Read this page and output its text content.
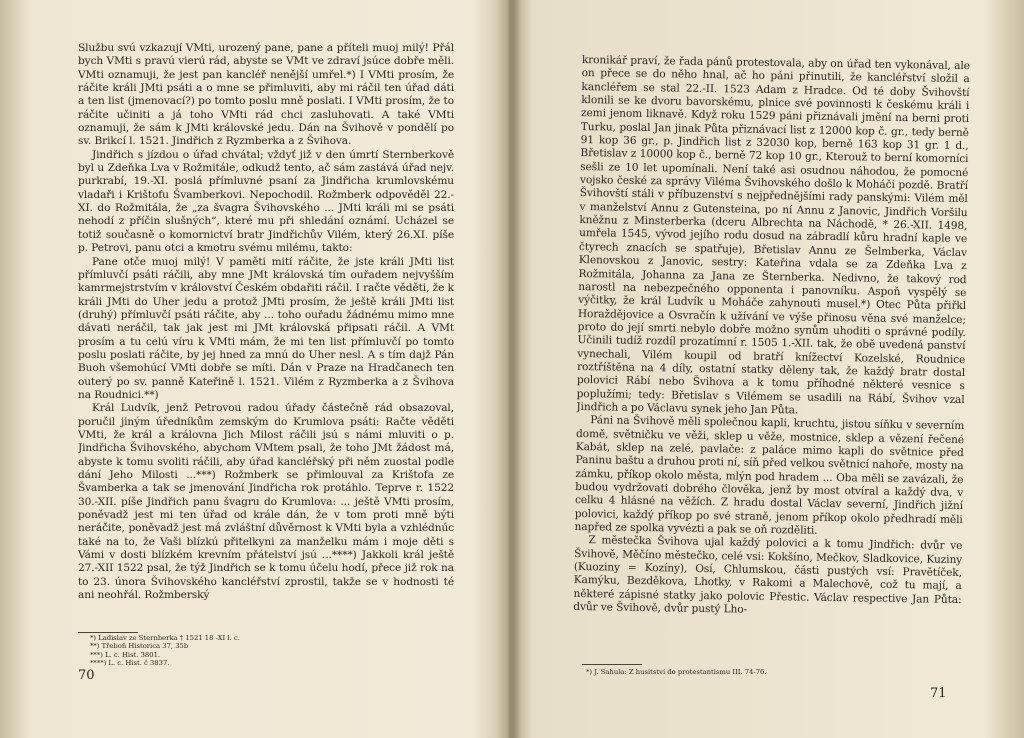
Službu svú vzkazují VMti, urozený pane, pane a příteli muoj milý! Přál bych VMti s pravú vierú rád, abyste se VMt ve zdraví jsúce dobře měli. VMti oznamuji, že jest pan kancléř nenější umřel.*) I VMti prosím, že ráčite králi JMti psáti a o mne se přimluviti, aby mi ráčil ten úřad dáti a ten list (jmenovací?) po tomto poslu mně poslati. I VMti prosím, že to ráčite učiniti a já toho VMti rád chci zasluhovati. A také VMti oznamuji, že sám k JMti královské jedu. Dán na Švihově v pondělí po sv. Brikcí l. 1521. Jindřich z Ryzmberka a z Švihova.

Jindřich s jízdou o úřad chvátal; vždyť již v den úmrtí Sternberkově byl u Zdeňka Lva v Rožmitále, odkudž tento, ač sám zastává úřad nejv. purkrabí, 19.-XI. poslá přímluvné psaní za Jindřicha krumlovskému vladaři i Krištofu Švamberkovi. Nepochodil. Rožmberk odpověděl 22.-XI. do Rožmitála, že „za švagra Švihovského ... JMti králi mi se psáti nehodí z příčin slušných“, které mu při shledání oznámí. Ucházel se totiž současně o komornictví bratr Jindřichův Vilém, který 26.XI. píše p. Petrovi, panu otci a kmotru svému milému, takto:

Pane otče muoj milý! V paměti mití ráčite, že jste králi JMti list přímluvčí psáti ráčili, aby mne JMt královská tím ouřadem nejvyšším kamrmejstrstvím v království Českém obdařiti ráčil. I račte věděti, že k králi JMti do Uher jedu a protož JMti prosím, že ještě králi JMti list (druhý) přímluvčí psáti ráčite, aby ... toho ouřadu žádnému mimo mne dávati neráčil, tak jak jest mi JMt královská připsati ráčil. A VMt prosím a tu celú víru k VMti mám, že mi ten list přímluvčí po tomto poslu poslati ráčite, by jej hned za mnú do Uher nesl. A s tím dajž Pán Buoh všemohúcí VMti dobře se míti. Dán v Praze na Hradčanech ten outerý po sv. panně Kateřině l. 1521. Vilém z Ryzmberka a z Švihova na Roudnici.**)

Král Ludvík, jenž Petrovou radou úřady částečně rád obsazoval, poručil jiným úředníkům zemským do Krumlova psáti: Račte věděti VMti, že král a královna Jich Milost ráčili jsú s námi mluviti o p. Jindřicha Švihovského, abychom VMtem psali, že toho JMt žádost má, abyste k tomu svoliti ráčili, aby úřad kancléřský při něm zuostal podle dání Jeho Milosti ...***) Rožmberk se přimlouval za Krištofa ze Švamberka a tak se jmenování Jindřicha rok protáhlo. Teprve r. 1522 30.-XII. píše Jindřich panu švagru do Krumlova: ... ještě VMti prosím, poněvadž jest mi ten úřad od krále dán, že v tom proti mně býti neráčite, poněvadž jest má zvláštní důvěrnost k VMti byla a vzhlédnúc také na to, že Vaši blízkú přitelkyni za manželku mám i moje děti s Vámi v dosti blízkém krevním přátelství jsú ...****) Jakkoli král ještě 27.-XII 1522 psal, že týž Jindřich se k tomu účelu hodí, přece již rok na to 23. února Švihovského kancléřství zprostil, takže se v hodnosti té ani neohřál. Rožmberský

*) Ladislav ze Sternberka † 1521 18 -XI l. c.
**) Třeboň Historica 37, 35b
***) L. c. Hist. 3801.
****) L. c. Hist. č 3837.
70

kronikář praví, že řada pánů protestovala, aby on úřad ten vykonával, ale on přece se do něho hnal, ač ho páni přinutili, že kancléřství složil a kancléřem se stal 22.-II. 1523 Adam z Hradce. Od té doby Švihovští klonili se ke dvoru bavorskému, plnice své povinnosti k českému králi i zemi jenom liknavě. Když roku 1529 páni přiznávali jmění na berni proti Turku, poslal Jan jinak Půta přiznávací list z 12000 kop č. gr., tedy berně 91 kop 36 gr., p. Jindřich list z 32030 kop, berně 163 kop 31 gr. 1 d., Břetislav z 10000 kop č., berně 72 kop 10 gr., Kterouž to berní komorníci sešli ze 10 let upomínali. Není také asi osudnou náhodou, že pomocné vojsko české za správy Viléma Švihovského došlo k Moháči pozdě. Bratří Švihovští stáli v příbuzenství s nejpřednějšími rady panskými: Vilém měl v manželství Annu z Gutensteina, po ní Annu z Janovic, Jindřich Voršilu kněžnu z Minsterberka (dceru Albrechta na Náchodě, * 26.-XII. 1498, umřela 1545, vývod jejího rodu dosud na zábradlí kůru hradní kaple ve čtyrech znacích se spatřuje), Břetislav Annu ze Šelmberka, Václav Klenovskou z Janovic, sestry: Kateřina vdala se za Zdeňka Lva z Rožmitála, Johanna za Jana ze Šternberka. Nedivno, že takový rod narostl na nebezpečného opponenta i panovníku. Aspoň vyspělý se výčitky, že král Ludvík u Moháče zahynouti musel.*) Otec Půta přiřkl Horaždějovice a Osvračín k užívání ve výše přinosu věna své manželce; proto do její smrti nebylo dobře možno synům uhoditi o správné podíly. Učinili tudíž rozdíl prozatímní r. 1505 1.-XII. tak, že obě uvedená panství vynechali, Vilém koupil od bratří knížectví Kozelské, Roudnice roztříštěna na 4 díly, ostatní statky děleny tak, že každý bratr dostal polovici Rábí nebo Švihova a k tomu příhodné některé vesnice s poplužími; tedy: Břetislav s Vilémem se usadili na Rábí, Švihov vzal Jindřich a po Václavu synek jeho Jan Půta.

Páni na Švihově měli společnou kapli, kruchtu, jistou síňku v severním domě, světničku ve věži, sklep u věže, mostnice, sklep a vězení řečené Kabát, sklep na zelé, pavlače: z paláce mimo kapli do světnice před Paninu baštu a druhou proti ní, síň před velkou světnicí nahoře, mosty na zámku, příkop okolo města, mlýn pod hradem ... Oba měli se zavázali, že budou vydržovati dobrého člověka, jenž by most otvíral a každý dva, v celku 4 hlásné na věžích. Z hradu dostal Václav severní, Jindřich jižní polovici, každý příkop po své straně, jenom příkop okolo předhradí měli napřed ze spolka vyvézti a pak se oň rozděliti.

Z městečka Švihova ujal každý polovici a k tomu Jindřich: dvůr ve Švihově, Měčíno městečko, celé vsi: Kokšíno, Mečkov, Sladkovice, Kuziny (Kuoziny = Kozíny), Osí, Chlumskou, části pustých vsí: Pravětíček, Kamýku, Bezděkova, Lhotky, v Rakomi a Malechově, což tu mají, a některé zápisné statky jako polovic Přestic. Václav respective Jan Půta: dvůr ve Švihově, dvůr pustý Lho-

*) J. Sahula: Z husitství do protestantismu III. 74-76.
71
